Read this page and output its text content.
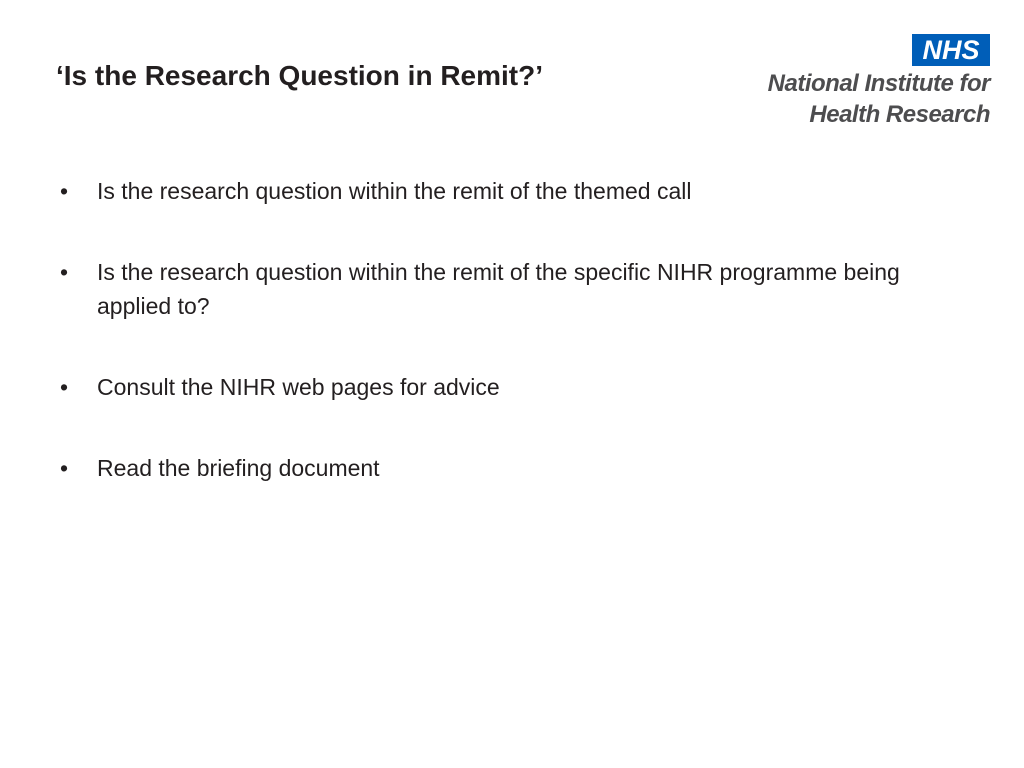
‘Is the Research Question in Remit?’
NHS

National Institute for

Health Research

• Is the research question within the remit of the themed call
• Is the research question within the remit of the specific NIHR programme being applied to?
• Consult the NIHR web pages for advice
• Read the briefing document
